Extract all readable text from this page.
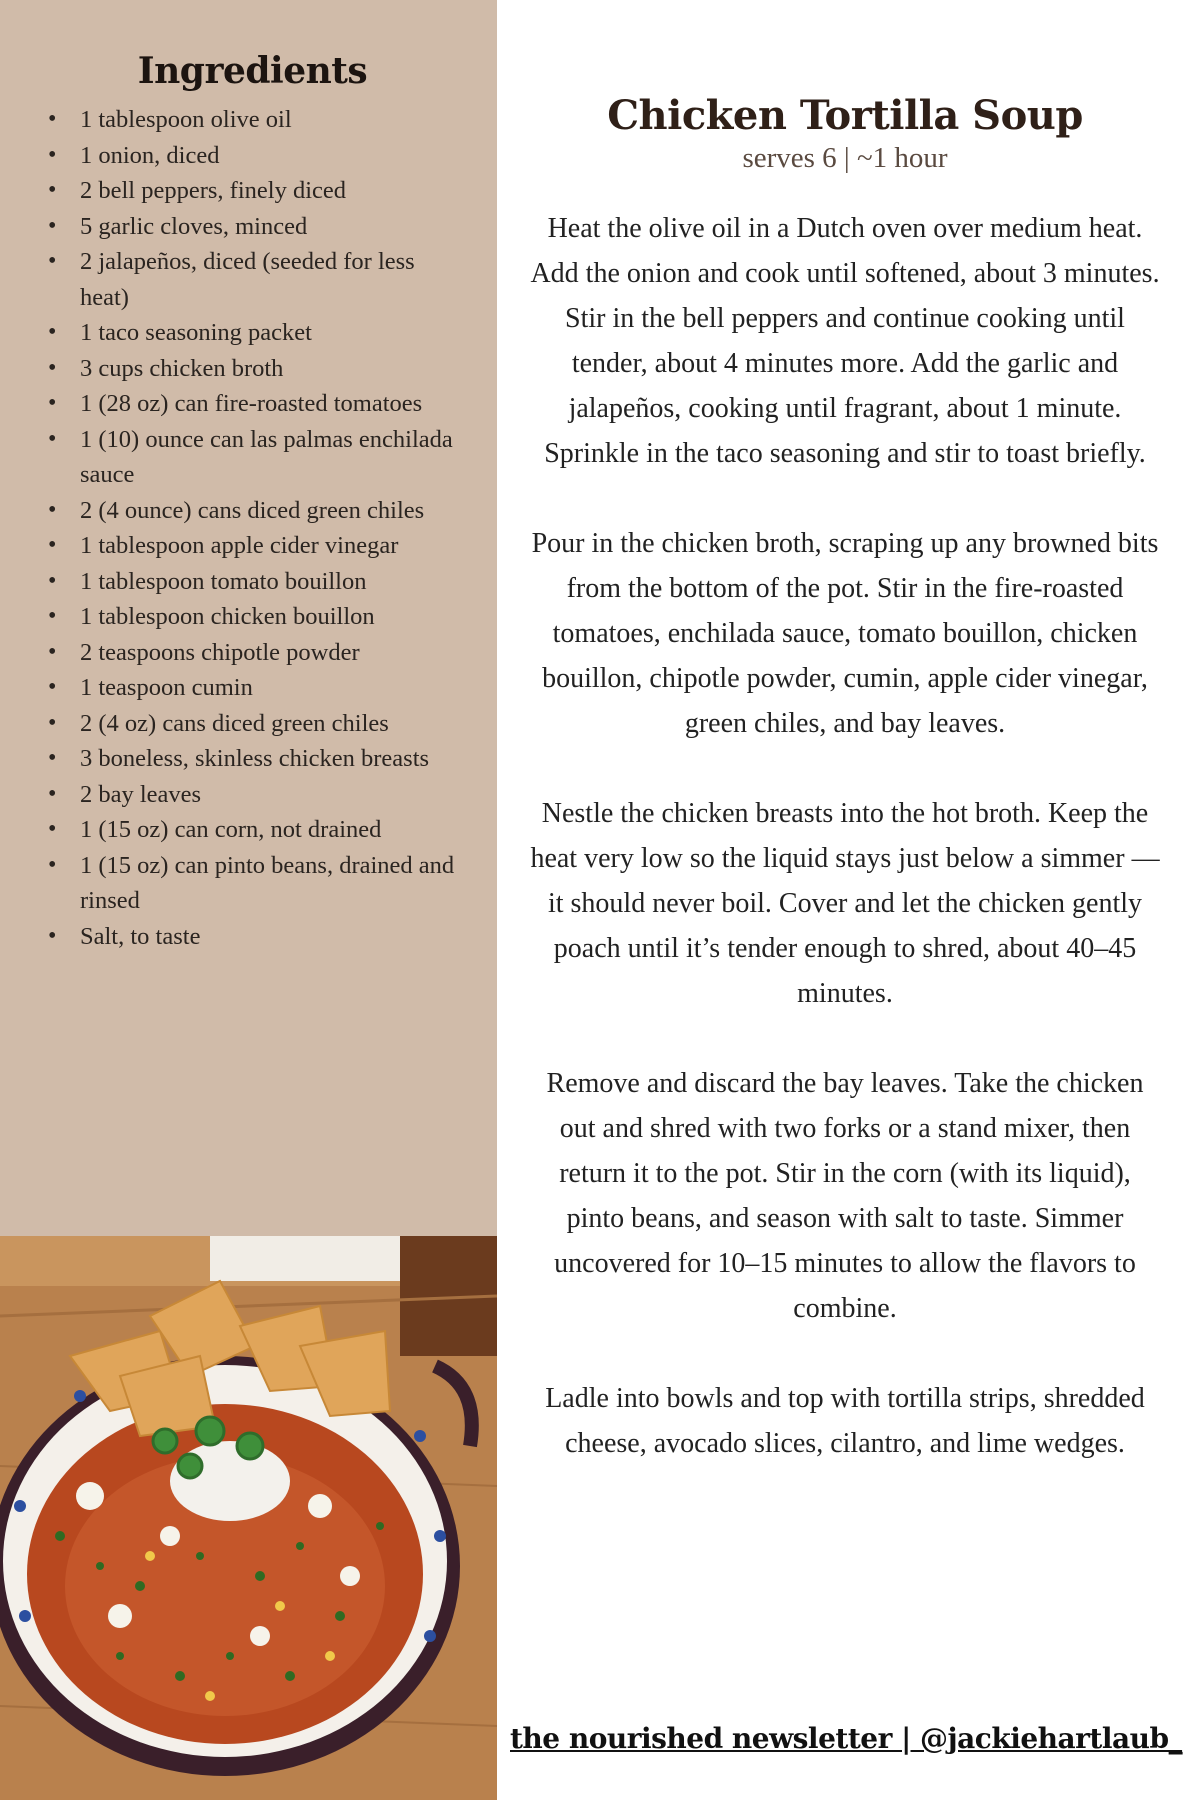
Ingredients
• 1 tablespoon olive oil
• 1 onion, diced
• 2 bell peppers, finely diced
• 5 garlic cloves, minced
• 2 jalapeños, diced (seeded for less heat)
• 1 taco seasoning packet
• 3 cups chicken broth
• 1 (28 oz) can fire-roasted tomatoes
• 1 (10) ounce can las palmas enchilada sauce
• 2 (4 ounce) cans diced green chiles
• 1 tablespoon apple cider vinegar
• 1 tablespoon tomato bouillon
• 1 tablespoon chicken bouillon
• 2 teaspoons chipotle powder
• 1 teaspoon cumin
• 2 (4 oz) cans diced green chiles
• 3 boneless, skinless chicken breasts
• 2 bay leaves
• 1 (15 oz) can corn, not drained
• 1 (15 oz) can pinto beans, drained and rinsed
• Salt, to taste
Chicken Tortilla Soup
serves 6 | ~1 hour

Heat the olive oil in a Dutch oven over medium heat. Add the onion and cook until softened, about 3 minutes. Stir in the bell peppers and continue cooking until tender, about 4 minutes more. Add the garlic and jalapeños, cooking until fragrant, about 1 minute. Sprinkle in the taco seasoning and stir to toast briefly.

Pour in the chicken broth, scraping up any browned bits from the bottom of the pot. Stir in the fire-roasted tomatoes, enchilada sauce, tomato bouillon, chicken bouillon, chipotle powder, cumin, apple cider vinegar, green chiles, and bay leaves.

Nestle the chicken breasts into the hot broth. Keep the heat very low so the liquid stays just below a simmer — it should never boil. Cover and let the chicken gently poach until it’s tender enough to shred, about 40–45 minutes.

Remove and discard the bay leaves. Take the chicken out and shred with two forks or a stand mixer, then return it to the pot. Stir in the corn (with its liquid), pinto beans, and season with salt to taste. Simmer uncovered for 10–15 minutes to allow the flavors to combine.

Ladle into bowls and top with tortilla strips, shredded cheese, avocado slices, cilantro, and lime wedges.

the nourished newsletter | @jackiehartlaub_
